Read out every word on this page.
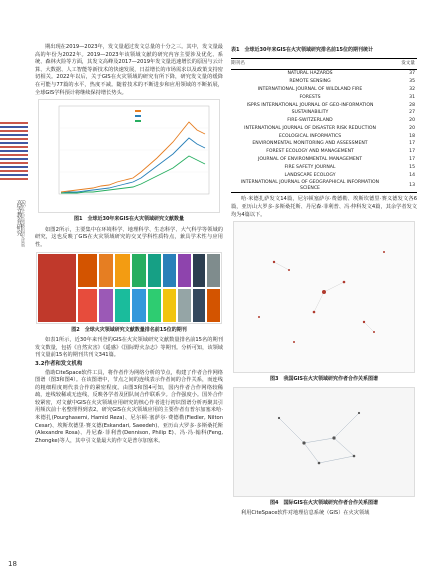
高等教育研究 GIS在火灾领域的研究进展
18

期出现在2019—2023年，发文量超过发文总量的十分之三。其中，发文量最高的年份为2022年。2019—2023年该领域文献的研究内容主要涉及优化、系统、森林火险等方面，其发文高峰及2017—2019年发文量迅速增长的原因与云计算、大数据、人工智能等新技术的快速发展，日益增长的市场需求以及政策支持密切相关。2022年以后，关于GIS在火灾领域的研究有所下降，研究发文量的缓降在可能与77篇的水平，热度不减。随着技术的不断进步和应用领域的不断拓展，全球GIS学科预计将继续保持增长势头。

图1　全球近30年来GIS在火灾领域研究文献数量

如图2所示，主要集中在环境科学、地理科学、生态科学、大气科学等领域的研究，这也反映了GIS在火灾领域研究的交叉学科性质特点，兼具学术性与应用性。

图2　全球火灾领域研究文献数量排名前15位的期刊

如表1所示，近30年来刊登的GIS在火灾领域研究文献数量排名前15名的期刊发文数量，包括《自然灾害》《遥感》《国际野火杂志》等期刊。分析可知，该领域刊文量前15名的期刊共刊文341篇。

3.2作者和发文机构

借助CiteSpace软件工具，将作者作为网络分析的节点，构建了作者合作网络图谱（图3和图4）。在该图谱中，节点之间的连线表示作者间的合作关系，而连线的粗细程度则代表合作的紧密程度。由图3和图4可知，国内作者合作网络较稀疏，连线较稀或无连线，反映各学者及团队间合作联系少。合作强度小。国外合作较紧密，对文献中GIS在火灾领域应用研究的核心作者进行初识图谱分析再聚其引用频次前十名整理得到表2。研究GIS在火灾领域应用的主要作者有普尔加塞米哈·米德扎(Pourghasemi, Hamid Reza)、尼尔顿·塞萨尔·费德勒(Fiedler, Nilton Cesar)、埃斯坎德里·赛义德(Eskandari, Saeedeh)、亚历山大罗多·多斯桑托斯(Alexandre Rosa)、丹尼森·菲利普(Dennison, Philip E)、冯·冯·翰科(Feng, Zhongke)等人，其中引文量最大的作文是普尔加塞米。

表1　全球近30年来GIS在火灾领域研究排名前15位的期刊统计
期刊名	发文量
NATURAL HAZARDS	37
REMOTE SENSING	35
INTERNATIONAL JOURNAL OF WILDLAND FIRE	32
FORESTS	31
ISPRS INTERNATIONAL JOURNAL OF GEO-INFORMATION	28
SUSTAINABILITY	27
FIRE-SWITZERLAND	20
INTERNATIONAL JOURNAL OF DISASTER RISK REDUCTION	20
ECOLOGICAL INFORMATICS	18
ENVIRONMENTAL MONITORING AND ASSESSMENT	17
FOREST ECOLOGY AND MANAGEMENT	17
JOURNAL OF ENVIRONMENTAL MANAGEMENT	17
FIRE SAFETY JOURNAL	15
LANDSCAPE ECOLOGY	14
INTERNATIONAL JOURNAL OF GEOGRAPHICAL INFORMATION SCIENCE	13

哈·米德扎萨发文14篇，尼尔顿塞萨尔·费德勒、埃斯坎德里·赛义德发文各6篇，亚历山大罗多·多斯桑托斯、丹尼森·菲利普、冯·仲科发文4篇，其余学者发文均为4篇以下。

图3　我国GIS在火灾领域研究作者合作关系图谱
图4　国际GIS在火灾领域研究作者合作关系图谱

利用CiteSpace软件对地理信息系统（GIS）在火灾领域
